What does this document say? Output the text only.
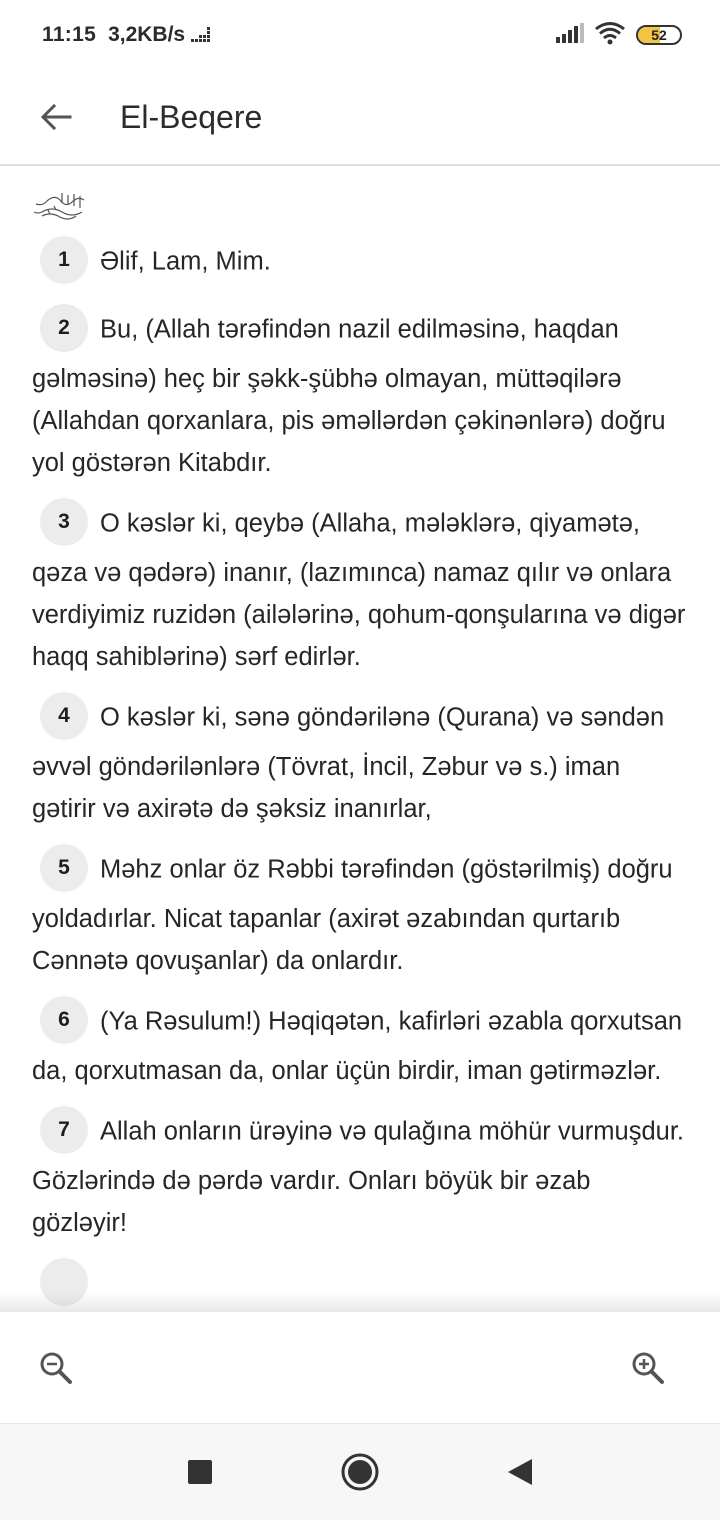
11:15 3,2KB/s	52
El-Beqere
1 Əlif, Lam, Mim.
2 Bu, (Allah tərəfindən nazil edilməsinə, haqdan gəlməsinə) heç bir şəkk-şübhə olmayan, müttəqilərə (Allahdan qorxanlara, pis əməllərdən çəkinənlərə) doğru yol göstərən Kitabdır.
3 O kəslər ki, qeybə (Allaha, mələklərə, qiyamətə, qəza və qədərə) inanır, (lazımınca) namaz qılır və onlara verdiyimiz ruzidən (ailələrinə, qohum-qonşularına və digər haqq sahiblərinə) sərf edirlər.
4 O kəslər ki, sənə göndərilənə (Qurana) və səndən əvvəl göndərilənlərə (Tövrat, İncil, Zəbur və s.) iman gətirir və axirətə də şəksiz inanırlar,
5 Məhz onlar öz Rəbbi tərəfindən (göstərilmiş) doğru yoldadırlar. Nicat tapanlar (axirət əzabından qurtarıb Cənnətə qovuşanlar) da onlardır.
6 (Ya Rəsulum!) Həqiqətən, kafirləri əzabla qorxutsan da, qorxutmasan da, onlar üçün birdir, iman gətirməzlər.
7 Allah onların ürəyinə və qulağına möhür vurmuşdur. Gözlərində də pərdə vardır. Onları böyük bir əzab gözləyir!
